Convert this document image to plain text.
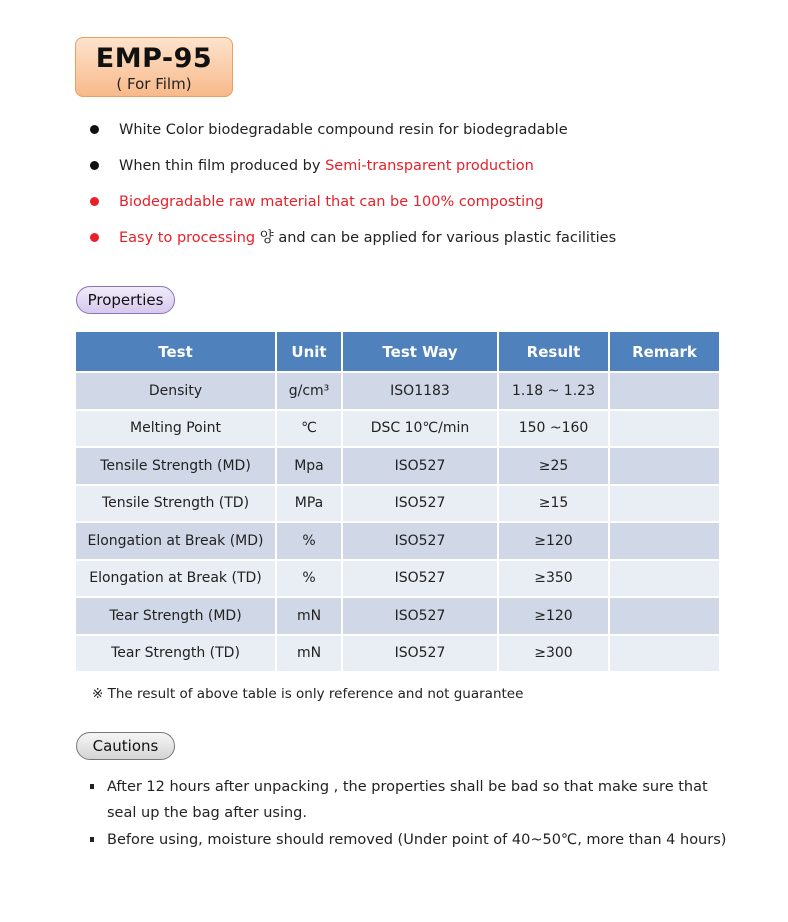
EMP-95
( For Film)
White Color biodegradable compound resin for biodegradable
When thin film produced by Semi-transparent production
Biodegradable raw material that can be 100% composting
Easy to processing 양 and can be applied for various plastic facilities
Properties
Test	Unit	Test Way	Result	Remark
Density	g/cm³	ISO1183	1.18 ~ 1.23	
Melting Point	℃	DSC 10℃/min	150 ~160	
Tensile Strength (MD)	Mpa	ISO527	≥25	
Tensile Strength (TD)	MPa	ISO527	≥15	
Elongation at Break (MD)	%	ISO527	≥120	
Elongation at Break (TD)	%	ISO527	≥350	
Tear Strength (MD)	mN	ISO527	≥120	
Tear Strength (TD)	mN	ISO527	≥300	
※ The result of above table is only reference and not guarantee
Cautions
After 12 hours after unpacking , the properties shall be bad so that make sure that seal up the bag after using.
Before using, moisture should removed (Under point of 40~50℃, more than 4 hours)
